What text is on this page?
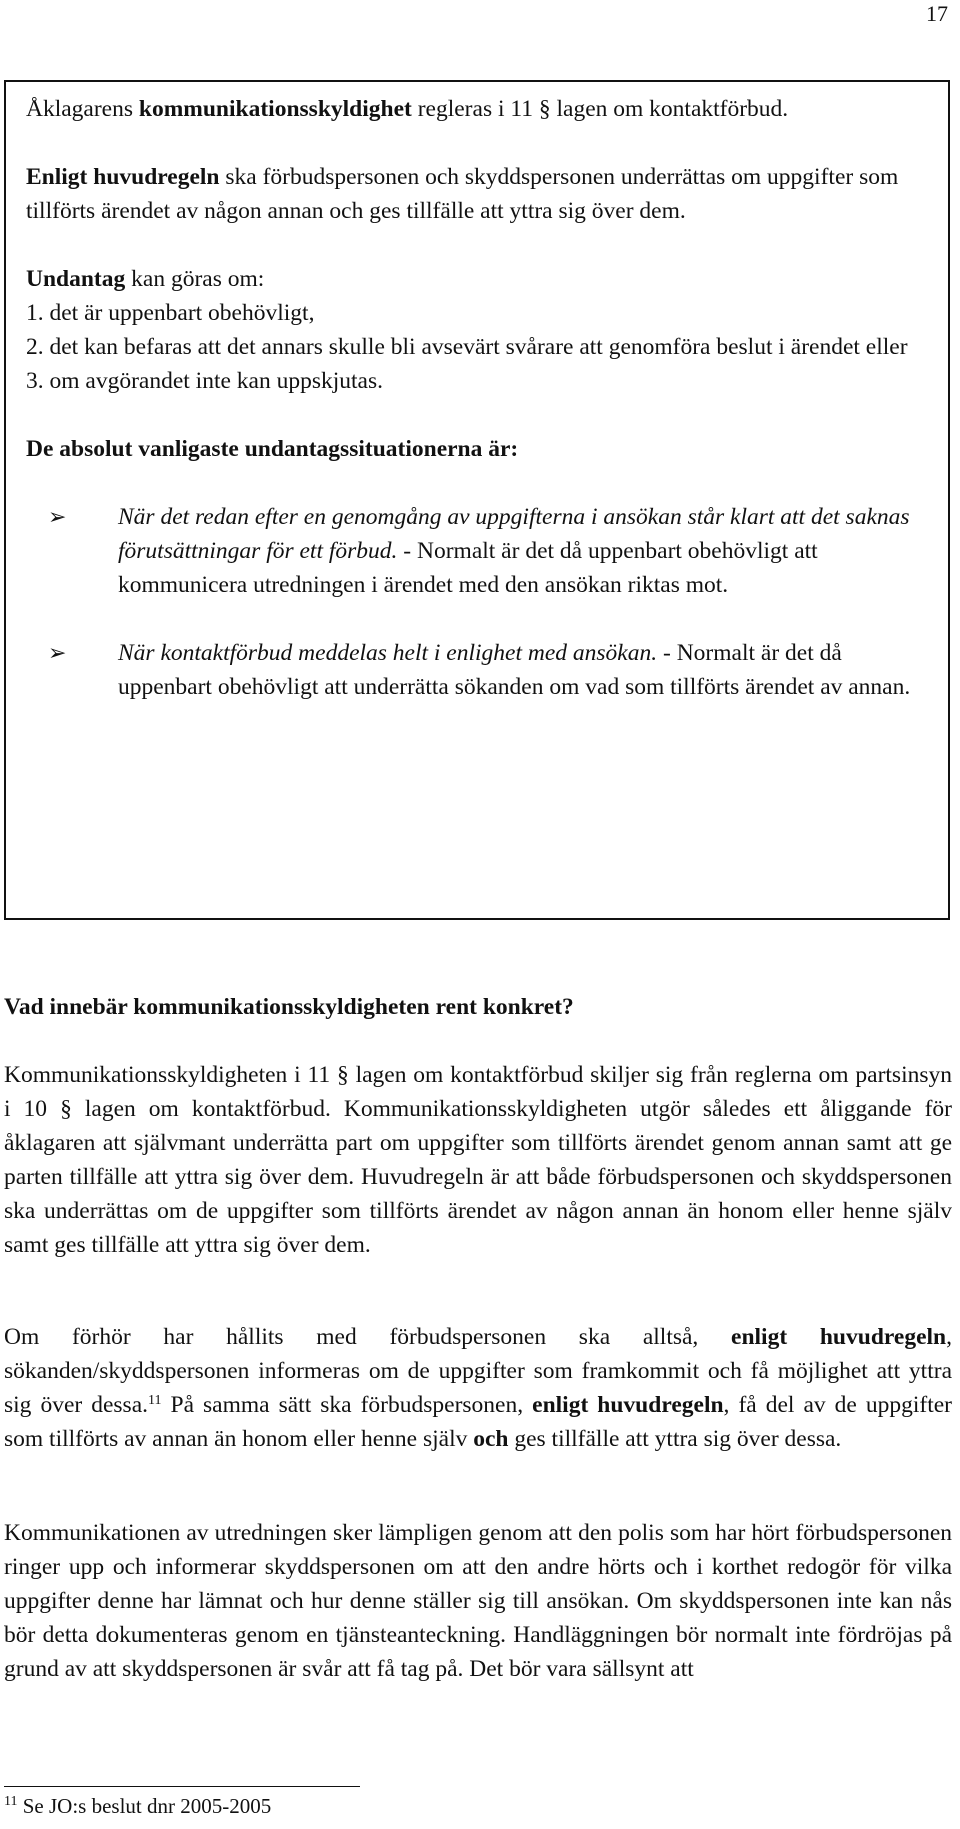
17

Åklagarens kommunikationsskyldighet regleras i 11 § lagen om kontaktförbud.

Enligt huvudregeln ska förbudspersonen och skyddspersonen underrättas om uppgifter som tillförts ärendet av någon annan och ges tillfälle att yttra sig över dem.

Undantag kan göras om:

1. det är uppenbart obehövligt,

2. det kan befaras att det annars skulle bli avsevärt svårare att genomföra beslut i ärendet eller

3. om avgörandet inte kan uppskjutas.

De absolut vanligaste undantagssituationerna är:

➢ När det redan efter en genomgång av uppgifterna i ansökan står klart att det saknas förutsättningar för ett förbud. - Normalt är det då uppenbart obehövligt att kommunicera utredningen i ärendet med den ansökan riktas mot.

➢ När kontaktförbud meddelas helt i enlighet med ansökan. - Normalt är det då uppenbart obehövligt att underrätta sökanden om vad som tillförts ärendet av annan.

Vad innebär kommunikationsskyldigheten rent konkret?

Kommunikationsskyldigheten i 11 § lagen om kontaktförbud skiljer sig från reglerna om partsinsyn i 10 § lagen om kontaktförbud. Kommunikationsskyldigheten utgör således ett åliggande för åklagaren att självmant underrätta part om uppgifter som tillförts ärendet genom annan samt att ge parten tillfälle att yttra sig över dem. Huvudregeln är att både förbudspersonen och skyddspersonen ska underrättas om de uppgifter som tillförts ärendet av någon annan än honom eller henne själv samt ges tillfälle att yttra sig över dem.

Om förhör har hållits med förbudspersonen ska alltså, enligt huvudregeln, sökanden/skyddspersonen informeras om de uppgifter som framkommit och få möjlighet att yttra sig över dessa.$^{11}$ På samma sätt ska förbudspersonen, enligt huvudregeln, få del av de uppgifter som tillförts av annan än honom eller henne själv och ges tillfälle att yttra sig över dessa.

Kommunikationen av utredningen sker lämpligen genom att den polis som har hört förbudspersonen ringer upp och informerar skyddspersonen om att den andre hörts och i korthet redogör för vilka uppgifter denne har lämnat och hur denne ställer sig till ansökan. Om skyddspersonen inte kan nås bör detta dokumenteras genom en tjänsteanteckning. Handläggningen bör normalt inte fördröjas på grund av att skyddspersonen är svår att få tag på. Det bör vara sällsynt att

$^{11}$ Se JO:s beslut dnr 2005-2005
